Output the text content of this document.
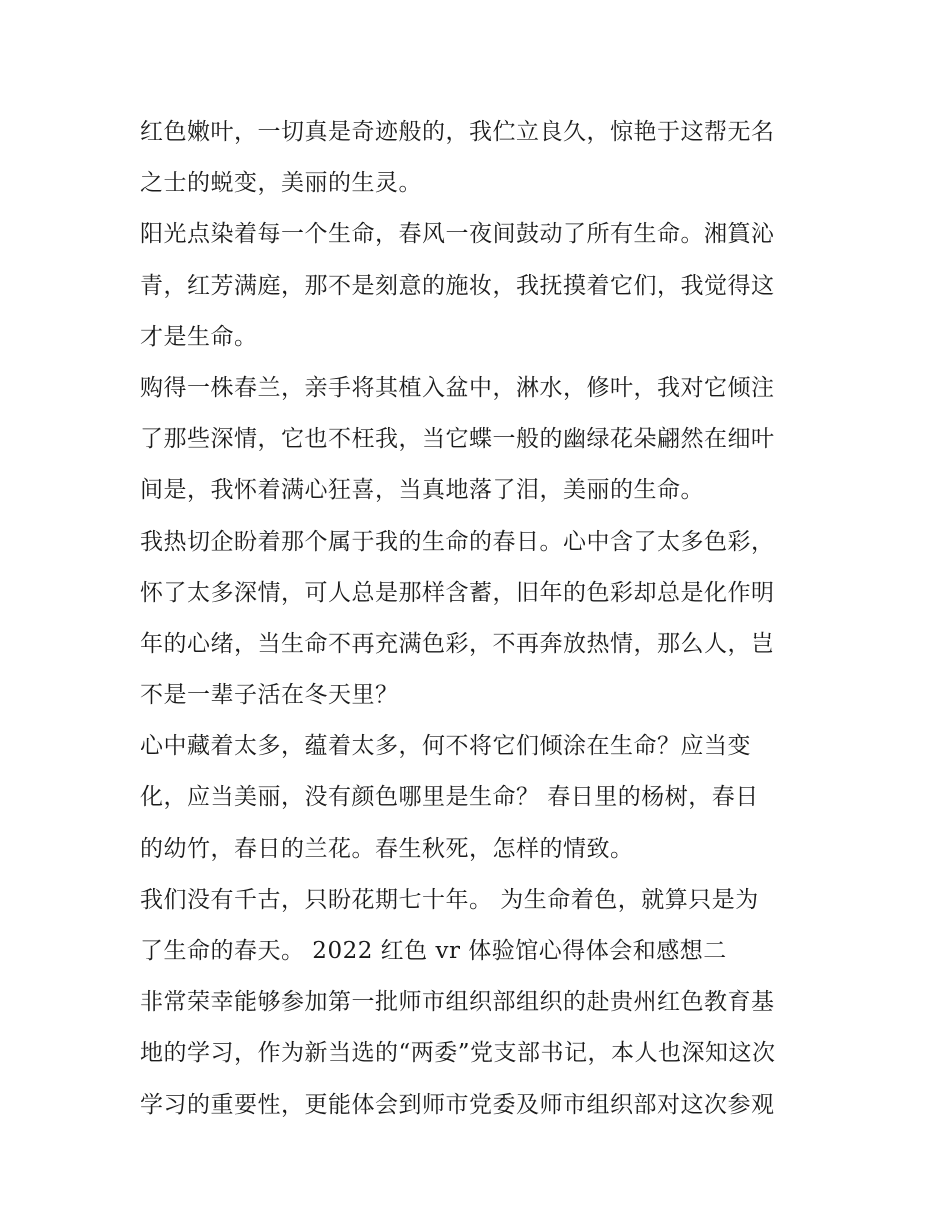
红色嫩叶，一切真是奇迹般的，我伫立良久，惊艳于这帮无名
之士的蜕变，美丽的生灵。
阳光点染着每一个生命，春风一夜间鼓动了所有生命。湘篔沁
青，红芳满庭，那不是刻意的施妆，我抚摸着它们，我觉得这
才是生命。
购得一株春兰，亲手将其植入盆中，淋水，修叶，我对它倾注
了那些深情，它也不枉我，当它蝶一般的幽绿花朵翩然在细叶
间是，我怀着满心狂喜，当真地落了泪，美丽的生命。
我热切企盼着那个属于我的生命的春日。心中含了太多色彩，
怀了太多深情，可人总是那样含蓄，旧年的色彩却总是化作明
年的心绪，当生命不再充满色彩，不再奔放热情，那么人，岂
不是一辈子活在冬天里？
心中藏着太多，蕴着太多，何不将它们倾涂在生命？应当变
化，应当美丽，没有颜色哪里是生命？ 春日里的杨树，春日
的幼竹，春日的兰花。春生秋死，怎样的情致。
我们没有千古，只盼花期七十年。 为生命着色，就算只是为
了生命的春天。 2022 红色 vr 体验馆心得体会和感想二
非常荣幸能够参加第一批师市组织部组织的赴贵州红色教育基
地的学习，作为新当选的“两委”党支部书记，本人也深知这次
学习的重要性，更能体会到师市党委及师市组织部对这次参观
